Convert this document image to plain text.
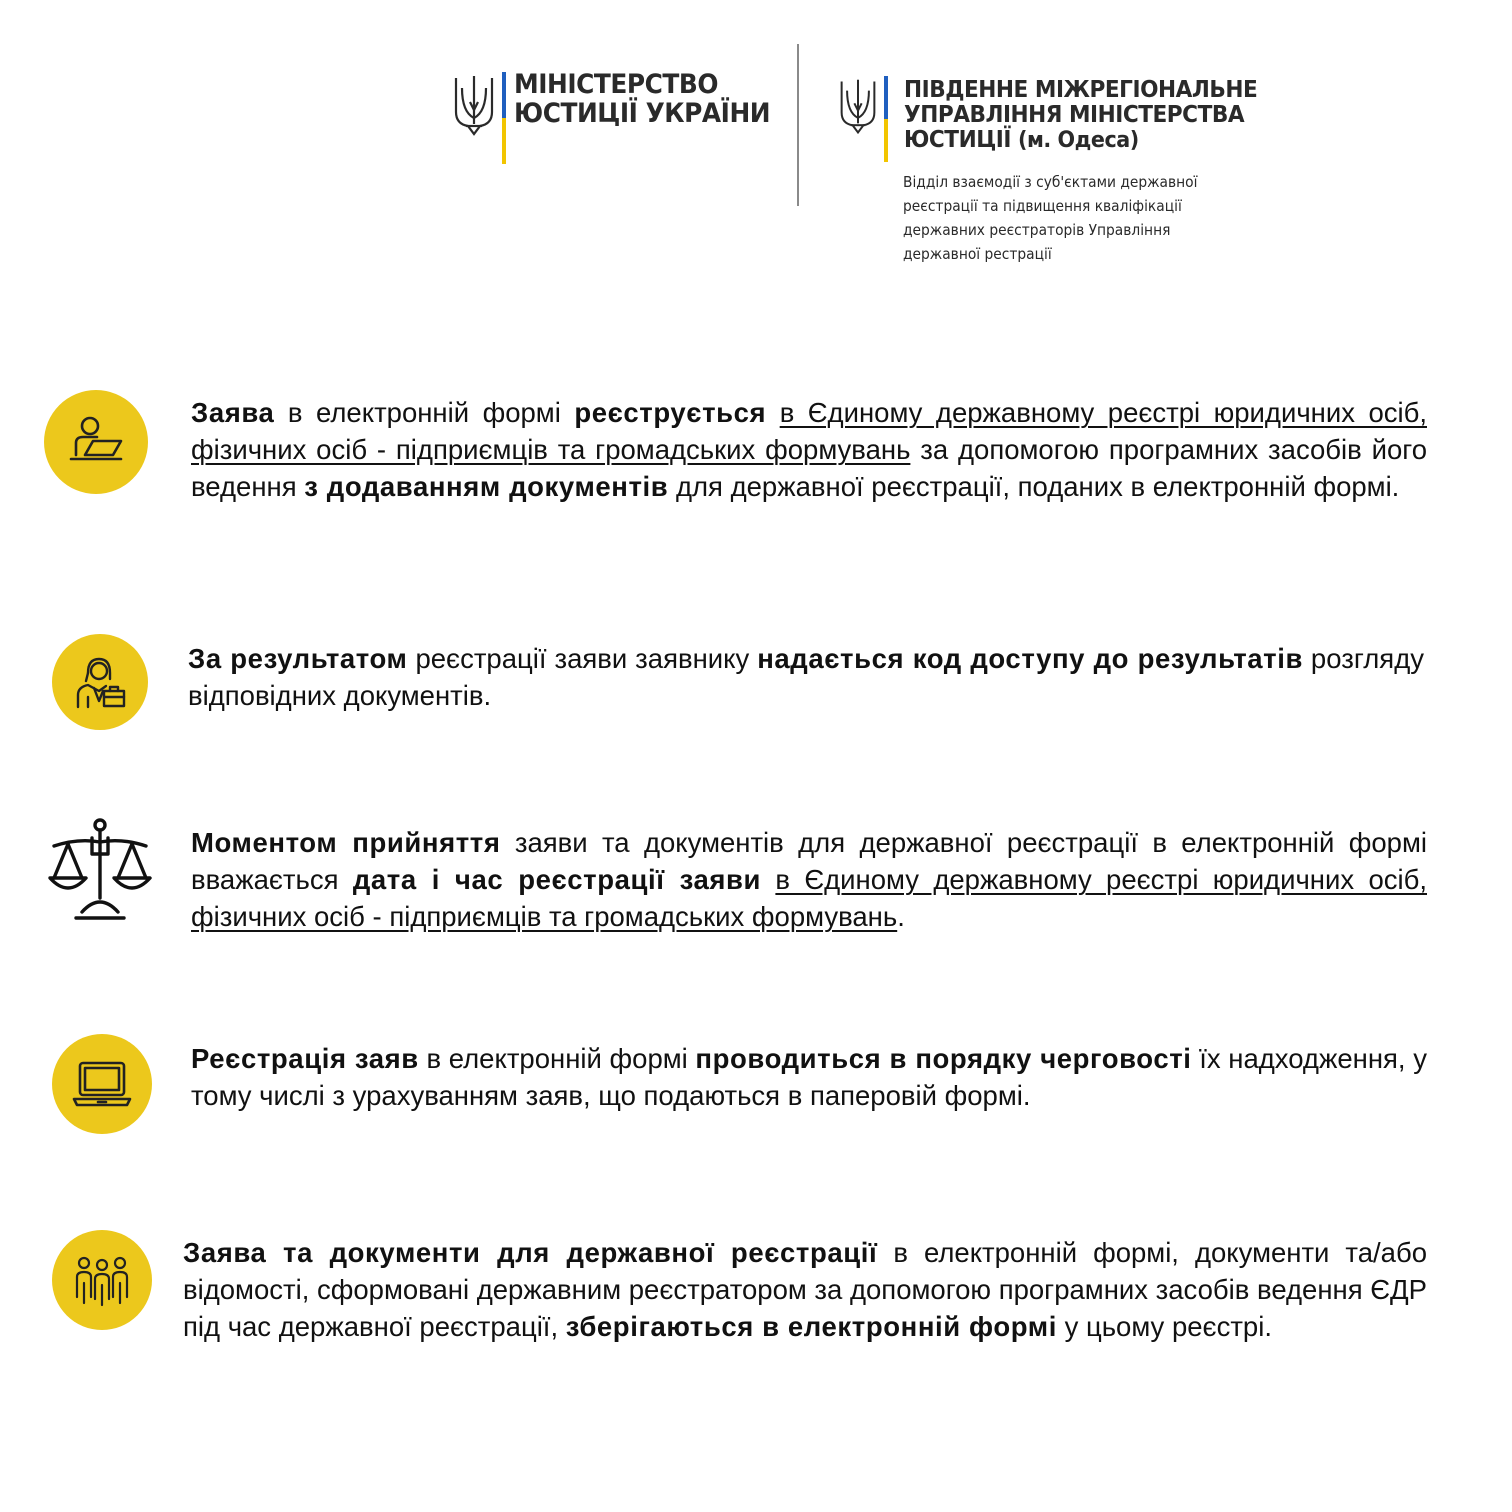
МІНІСТЕРСТВО
ЮСТИЦІЇ УКРАЇНИ
ПІВДЕННЕ МІЖРЕГІОНАЛЬНЕ
УПРАВЛІННЯ МІНІСТЕРСТВА
ЮСТИЦІЇ (м. Одеса)
Відділ взаємодії з суб'єктами державної
реєстрації та підвищення кваліфікації
державних реєстраторів Управління
державної рестрації

Заява в електронній формі реєструється в Єдиному державному реєстрі юридичних осіб, фізичних осіб - підприємців та громадських формувань за допомогою програмних засобів його ведення з додаванням документів для державної реєстрації, поданих в електронній формі.

За результатом реєстрації заяви заявнику надається код доступу до результатів розгляду відповідних документів.

Моментом прийняття заяви та документів для державної реєстрації в електронній формі вважається дата і час реєстрації заяви в Єдиному державному реєстрі юридичних осіб, фізичних осіб - підприємців та громадських формувань.

Реєстрація заяв в електронній формі проводиться в порядку черговості їх надходження, у тому числі з урахуванням заяв, що подаються в паперовій формі.

Заява та документи для державної реєстрації в електронній формі, документи та/або відомості, сформовані державним реєстратором за допомогою програмних засобів ведення ЄДР під час державної реєстрації, зберігаються в електронній формі у цьому реєстрі.
